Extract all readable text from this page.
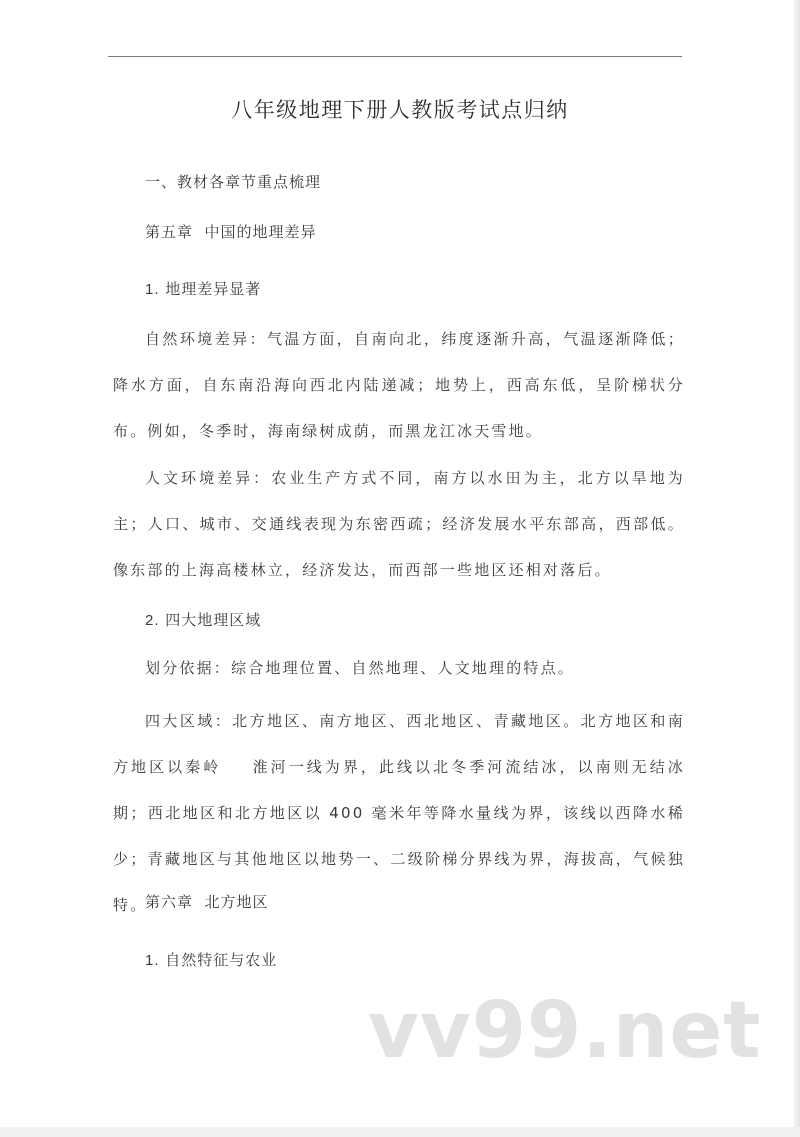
八年级地理下册人教版考试点归纳

一、教材各章节重点梳理

第五章  中国的地理差异

1. 地理差异显著

自然环境差异：气温方面，自南向北，纬度逐渐升高，气温逐渐降低；降水方面，自东南沿海向西北内陆递减；地势上，西高东低，呈阶梯状分布。例如，冬季时，海南绿树成荫，而黑龙江冰天雪地。

人文环境差异：农业生产方式不同，南方以水田为主，北方以旱地为主；人口、城市、交通线表现为东密西疏；经济发展水平东部高，西部低。像东部的上海高楼林立，经济发达，而西部一些地区还相对落后。

2. 四大地理区域

划分依据：综合地理位置、自然地理、人文地理的特点。

四大区域：北方地区、南方地区、西北地区、青藏地区。北方地区和南方地区以秦岭    淮河一线为界，此线以北冬季河流结冰，以南则无结冰期；西北地区和北方地区以 400 毫米年等降水量线为界，该线以西降水稀少；青藏地区与其他地区以地势一、二级阶梯分界线为界，海拔高，气候独特。

第六章  北方地区

1. 自然特征与农业

vv99.net
